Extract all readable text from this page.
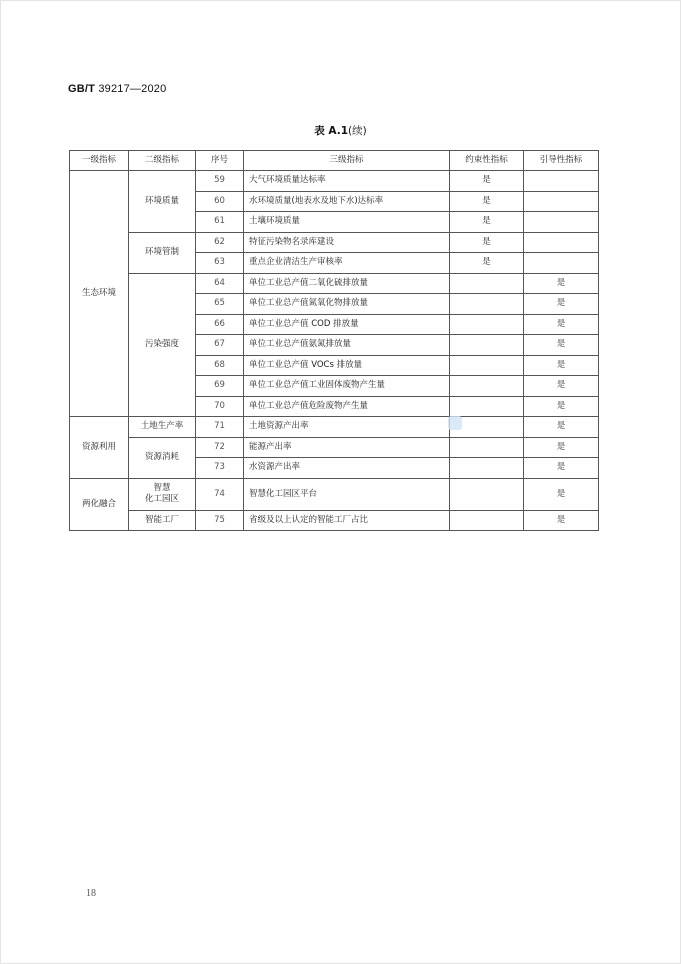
GB/T 39217—2020
表 A.1(续)
一级指标	二级指标	序号	三级指标	约束性指标	引导性指标
生态环境	环境质量	59	大气环境质量达标率	是	
		60	水环境质量(地表水及地下水)达标率	是	
		61	土壤环境质量	是	
	环境管制	62	特征污染物名录库建设	是	
		63	重点企业清洁生产审核率	是	
	污染强度	64	单位工业总产值二氧化硫排放量		是
		65	单位工业总产值氮氧化物排放量		是
		66	单位工业总产值 COD 排放量		是
		67	单位工业总产值氨氮排放量		是
		68	单位工业总产值 VOCs 排放量		是
		69	单位工业总产值工业固体废物产生量		是
		70	单位工业总产值危险废物产生量		是
资源利用	土地生产率	71	土地资源产出率		是
	资源消耗	72	能源产出率		是
		73	水资源产出率		是
两化融合	智慧
化工园区	74	智慧化工园区平台		是
	智能工厂	75	省级及以上认定的智能工厂占比		是
18
